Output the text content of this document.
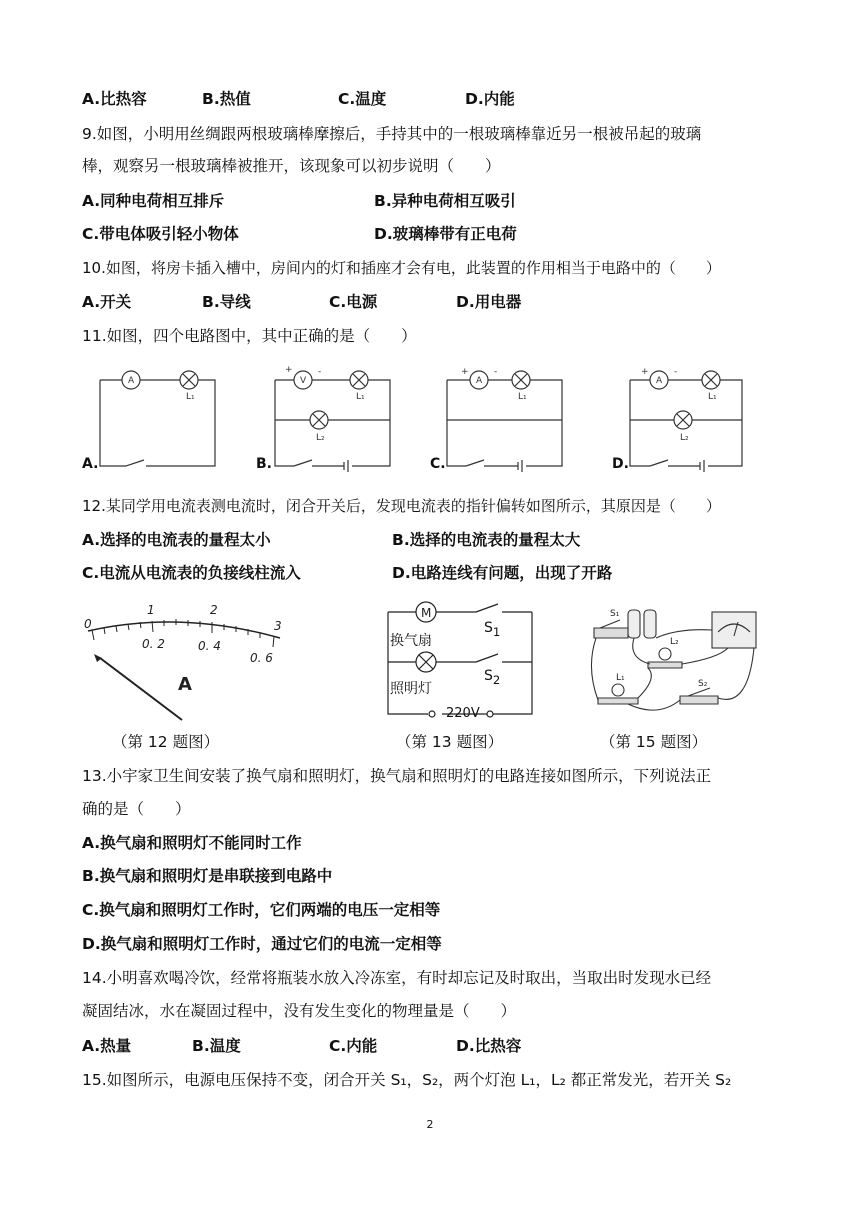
A.比热容	B.热值	C.温度	D.内能
9.如图，小明用丝绸跟两根玻璃棒摩擦后，手持其中的一根玻璃棒靠近另一根被吊起的玻璃
棒，观察另一根玻璃棒被推开，该现象可以初步说明（　　）
A.同种电荷相互排斥	B.异种电荷相互吸引
C.带电体吸引轻小物体	D.玻璃棒带有正电荷
10.如图，将房卡插入槽中，房间内的灯和插座才会有电，此装置的作用相当于电路中的（　　）
A.开关	B.导线	C.电源	D.用电器
11.如图，四个电路图中，其中正确的是（　　）
A
L₁
V
+	-
L₁
L₂
A
+	-
L₁
A
+	-
L₁
L₂
A.	B.	C.	D.
12.某同学用电流表测电流时，闭合开关后，发现电流表的指针偏转如图所示，其原因是（　　）
A.选择的电流表的量程太小	B.选择的电流表的量程太大
C.电流从电流表的负接线柱流入	D.电路连线有问题，出现了开路
0
1	2
3
0. 2	0. 4
0. 6
A
M
换气扇
照明灯
$S_1$
$S_2$
220V
S₁
L₂
L₁
S₂
（第 12 题图）	（第 13 题图）	（第 15 题图）
13.小宇家卫生间安装了换气扇和照明灯，换气扇和照明灯的电路连接如图所示，下列说法正
确的是（　　）
A.换气扇和照明灯不能同时工作
B.换气扇和照明灯是串联接到电路中
C.换气扇和照明灯工作时，它们两端的电压一定相等
D.换气扇和照明灯工作时，通过它们的电流一定相等
14.小明喜欢喝冷饮，经常将瓶装水放入冷冻室，有时却忘记及时取出，当取出时发现水已经
凝固结冰，水在凝固过程中，没有发生变化的物理量是（　　）
A.热量	B.温度	C.内能	D.比热容
15.如图所示，电源电压保持不变，闭合开关 S₁，S₂，两个灯泡 L₁，L₂ 都正常发光，若开关 S₂
2
